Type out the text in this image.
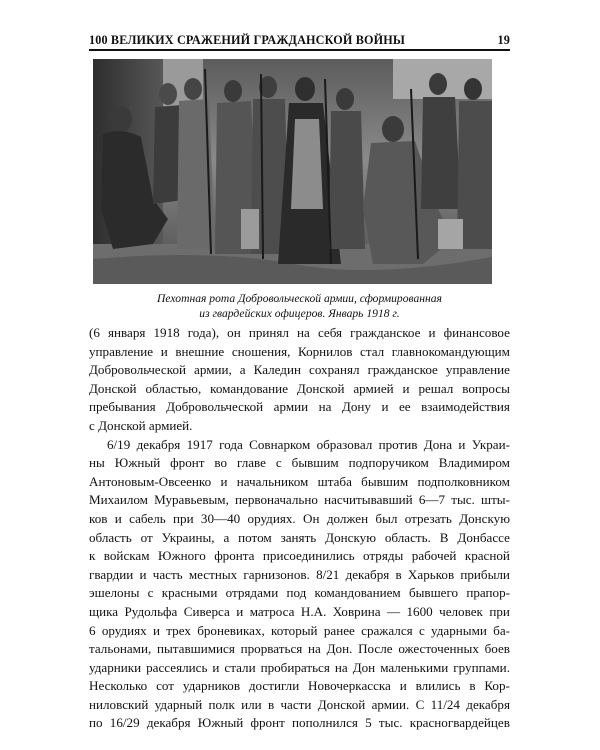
100 ВЕЛИКИХ СРАЖЕНИЙ ГРАЖДАНСКОЙ ВОЙНЫ	19
Пехотная рота Добровольческой армии, сформированная
из гвардейских офицеров. Январь 1918 г.
(6 января 1918 года), он принял на себя гражданское и финансовое
управление и внешние сношения, Корнилов стал главнокомандующим
Добровольческой армии, а Каледин сохранял гражданское управление
Донской областью, командование Донской армией и решал вопросы
пребывания Добровольческой армии на Дону и ее взаимодействия
с Донской армией.
6/19 декабря 1917 года Совнарком образовал против Дона и Украи-
ны Южный фронт во главе с бывшим подпоручиком Владимиром
Антоновым-Овсеенко и начальником штаба бывшим подполковником
Михаилом Муравьевым, первоначально насчитывавший 6—7 тыс. шты-
ков и сабель при 30—40 орудиях. Он должен был отрезать Донскую
область от Украины, а потом занять Донскую область. В Донбассе
к войскам Южного фронта присоединились отряды рабочей красной
гвардии и часть местных гарнизонов. 8/21 декабря в Харьков прибыли
эшелоны с красными отрядами под командованием бывшего прапор-
щика Рудольфа Сиверса и матроса Н.А. Ховрина — 1600 человек при
6 орудиях и трех броневиках, который ранее сражался с ударными ба-
тальонами, пытавшимися прорваться на Дон. После ожесточенных боев
ударники рассеялись и стали пробираться на Дон маленькими группами.
Несколько сот ударников достигли Новочеркасска и влились в Кор-
ниловский ударный полк или в части Донской армии. С 11/24 декабря
по 16/29 декабря Южный фронт пополнился 5 тыс. красногвардейцев
